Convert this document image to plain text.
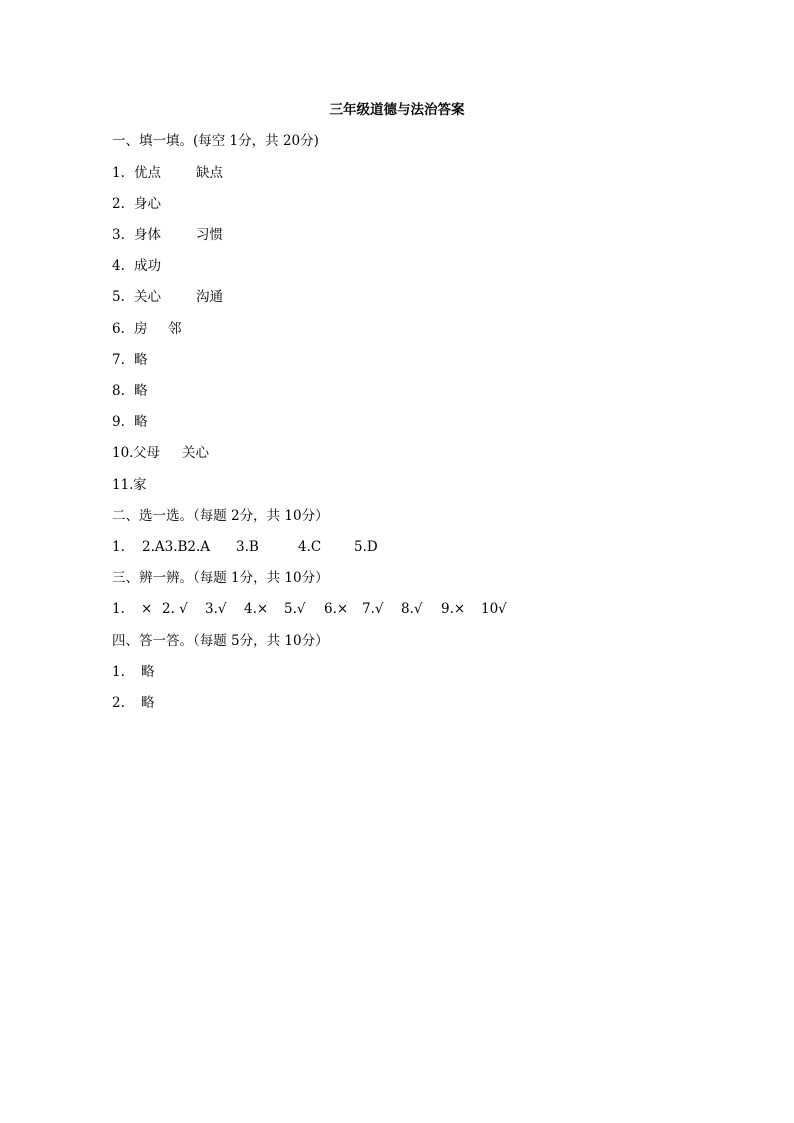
三年级道德与法治答案
一、填一填。(每空 1分，共 20分)
1. 优点	缺点
2. 身心
3. 身体	习惯
4. 成功
5. 关心	沟通
6. 房 邻
7. 略
8. 略
9. 略
10. 父母 关心
11. 家
二、选一选。（每题 2分，共 10分）
1. 2.A3.B2.A 3.B	4.C 5.D
三、辨一辨。（每题 1分，共 10分）
1. × 2. √ 3.√ 4.× 5.√ 6.× 7.√ 8.√ 9.× 10√
四、答一答。（每题 5分，共 10分）
1. 略
2. 略
